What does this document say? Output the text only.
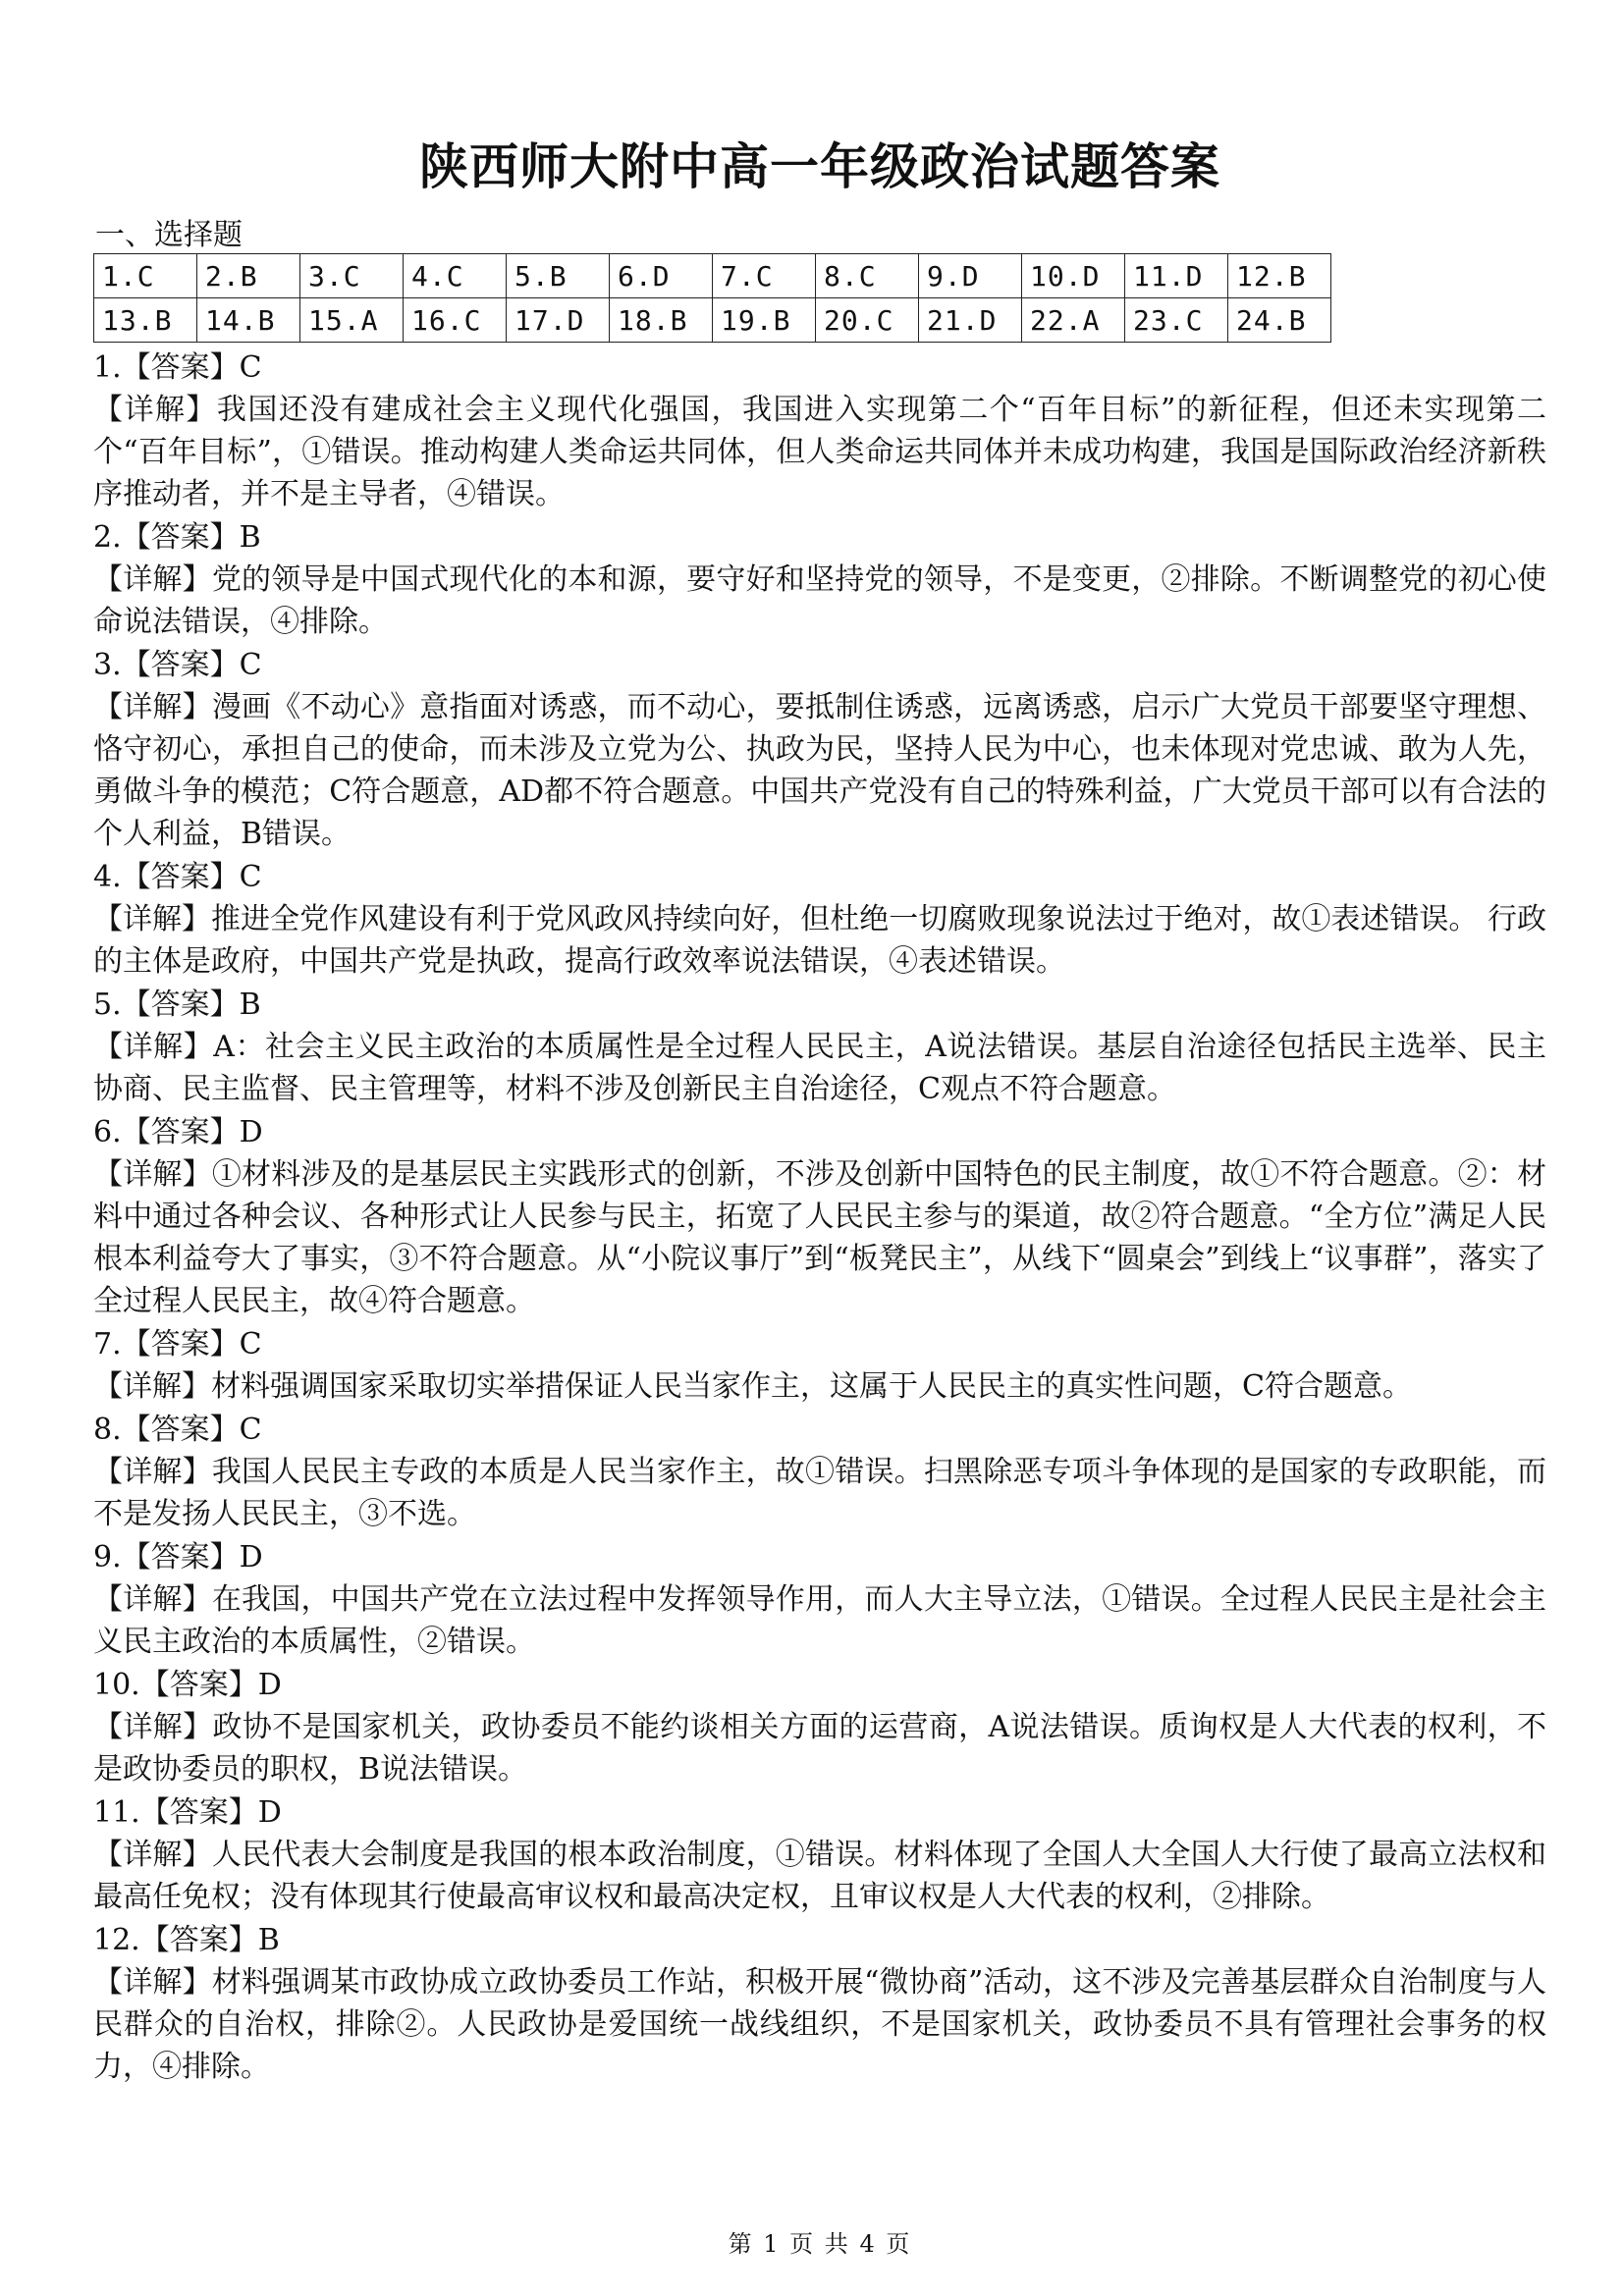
陕西师大附中高一年级政治试题答案
一、选择题
1.C	2.B	3.C	4.C	5.B	6.D	7.C	8.C	9.D	10.D	11.D	12.B
13.B	14.B	15.A	16.C	17.D	18.B	19.B	20.C	21.D	22.A	23.C	24.B
1.【答案】C
【详解】我国还没有建成社会主义现代化强国，我国进入实现第二个“百年目标”的新征程，但还未实现第二个“百年目标”，①错误。推动构建人类命运共同体，但人类命运共同体并未成功构建，我国是国际政治经济新秩序推动者，并不是主导者，④错误。
2.【答案】B
【详解】党的领导是中国式现代化的本和源，要守好和坚持党的领导，不是变更，②排除。不断调整党的初心使命说法错误，④排除。
3.【答案】C
【详解】漫画《不动心》意指面对诱惑，而不动心，要抵制住诱惑，远离诱惑，启示广大党员干部要坚守理想、恪守初心，承担自己的使命，而未涉及立党为公、执政为民，坚持人民为中心，也未体现对党忠诚、敢为人先，勇做斗争的模范；C符合题意，AD都不符合题意。中国共产党没有自己的特殊利益，广大党员干部可以有合法的个人利益，B错误。
4.【答案】C
【详解】推进全党作风建设有利于党风政风持续向好，但杜绝一切腐败现象说法过于绝对，故①表述错误。 行政的主体是政府，中国共产党是执政，提高行政效率说法错误，④表述错误。
5.【答案】B
【详解】A：社会主义民主政治的本质属性是全过程人民民主，A说法错误。基层自治途径包括民主选举、民主协商、民主监督、民主管理等，材料不涉及创新民主自治途径，C观点不符合题意。
6.【答案】D
【详解】①材料涉及的是基层民主实践形式的创新，不涉及创新中国特色的民主制度，故①不符合题意。②：材料中通过各种会议、各种形式让人民参与民主，拓宽了人民民主参与的渠道，故②符合题意。“全方位”满足人民根本利益夸大了事实，③不符合题意。从“小院议事厅”到“板凳民主”，从线下“圆桌会”到线上“议事群”，落实了全过程人民民主，故④符合题意。
7.【答案】C
【详解】材料强调国家采取切实举措保证人民当家作主，这属于人民民主的真实性问题，C符合题意。
8.【答案】C
【详解】我国人民民主专政的本质是人民当家作主，故①错误。扫黑除恶专项斗争体现的是国家的专政职能，而不是发扬人民民主，③不选。
9.【答案】D
【详解】在我国，中国共产党在立法过程中发挥领导作用，而人大主导立法，①错误。全过程人民民主是社会主义民主政治的本质属性，②错误。
10.【答案】D
【详解】政协不是国家机关，政协委员不能约谈相关方面的运营商，A说法错误。质询权是人大代表的权利，不是政协委员的职权，B说法错误。
11.【答案】D
【详解】人民代表大会制度是我国的根本政治制度，①错误。材料体现了全国人大全国人大行使了最高立法权和最高任免权；没有体现其行使最高审议权和最高决定权，且审议权是人大代表的权利，②排除。
12.【答案】B
【详解】材料强调某市政协成立政协委员工作站，积极开展“微协商”活动，这不涉及完善基层群众自治制度与人民群众的自治权，排除②。人民政协是爱国统一战线组织，不是国家机关，政协委员不具有管理社会事务的权力，④排除。
第 1 页 共 4 页
